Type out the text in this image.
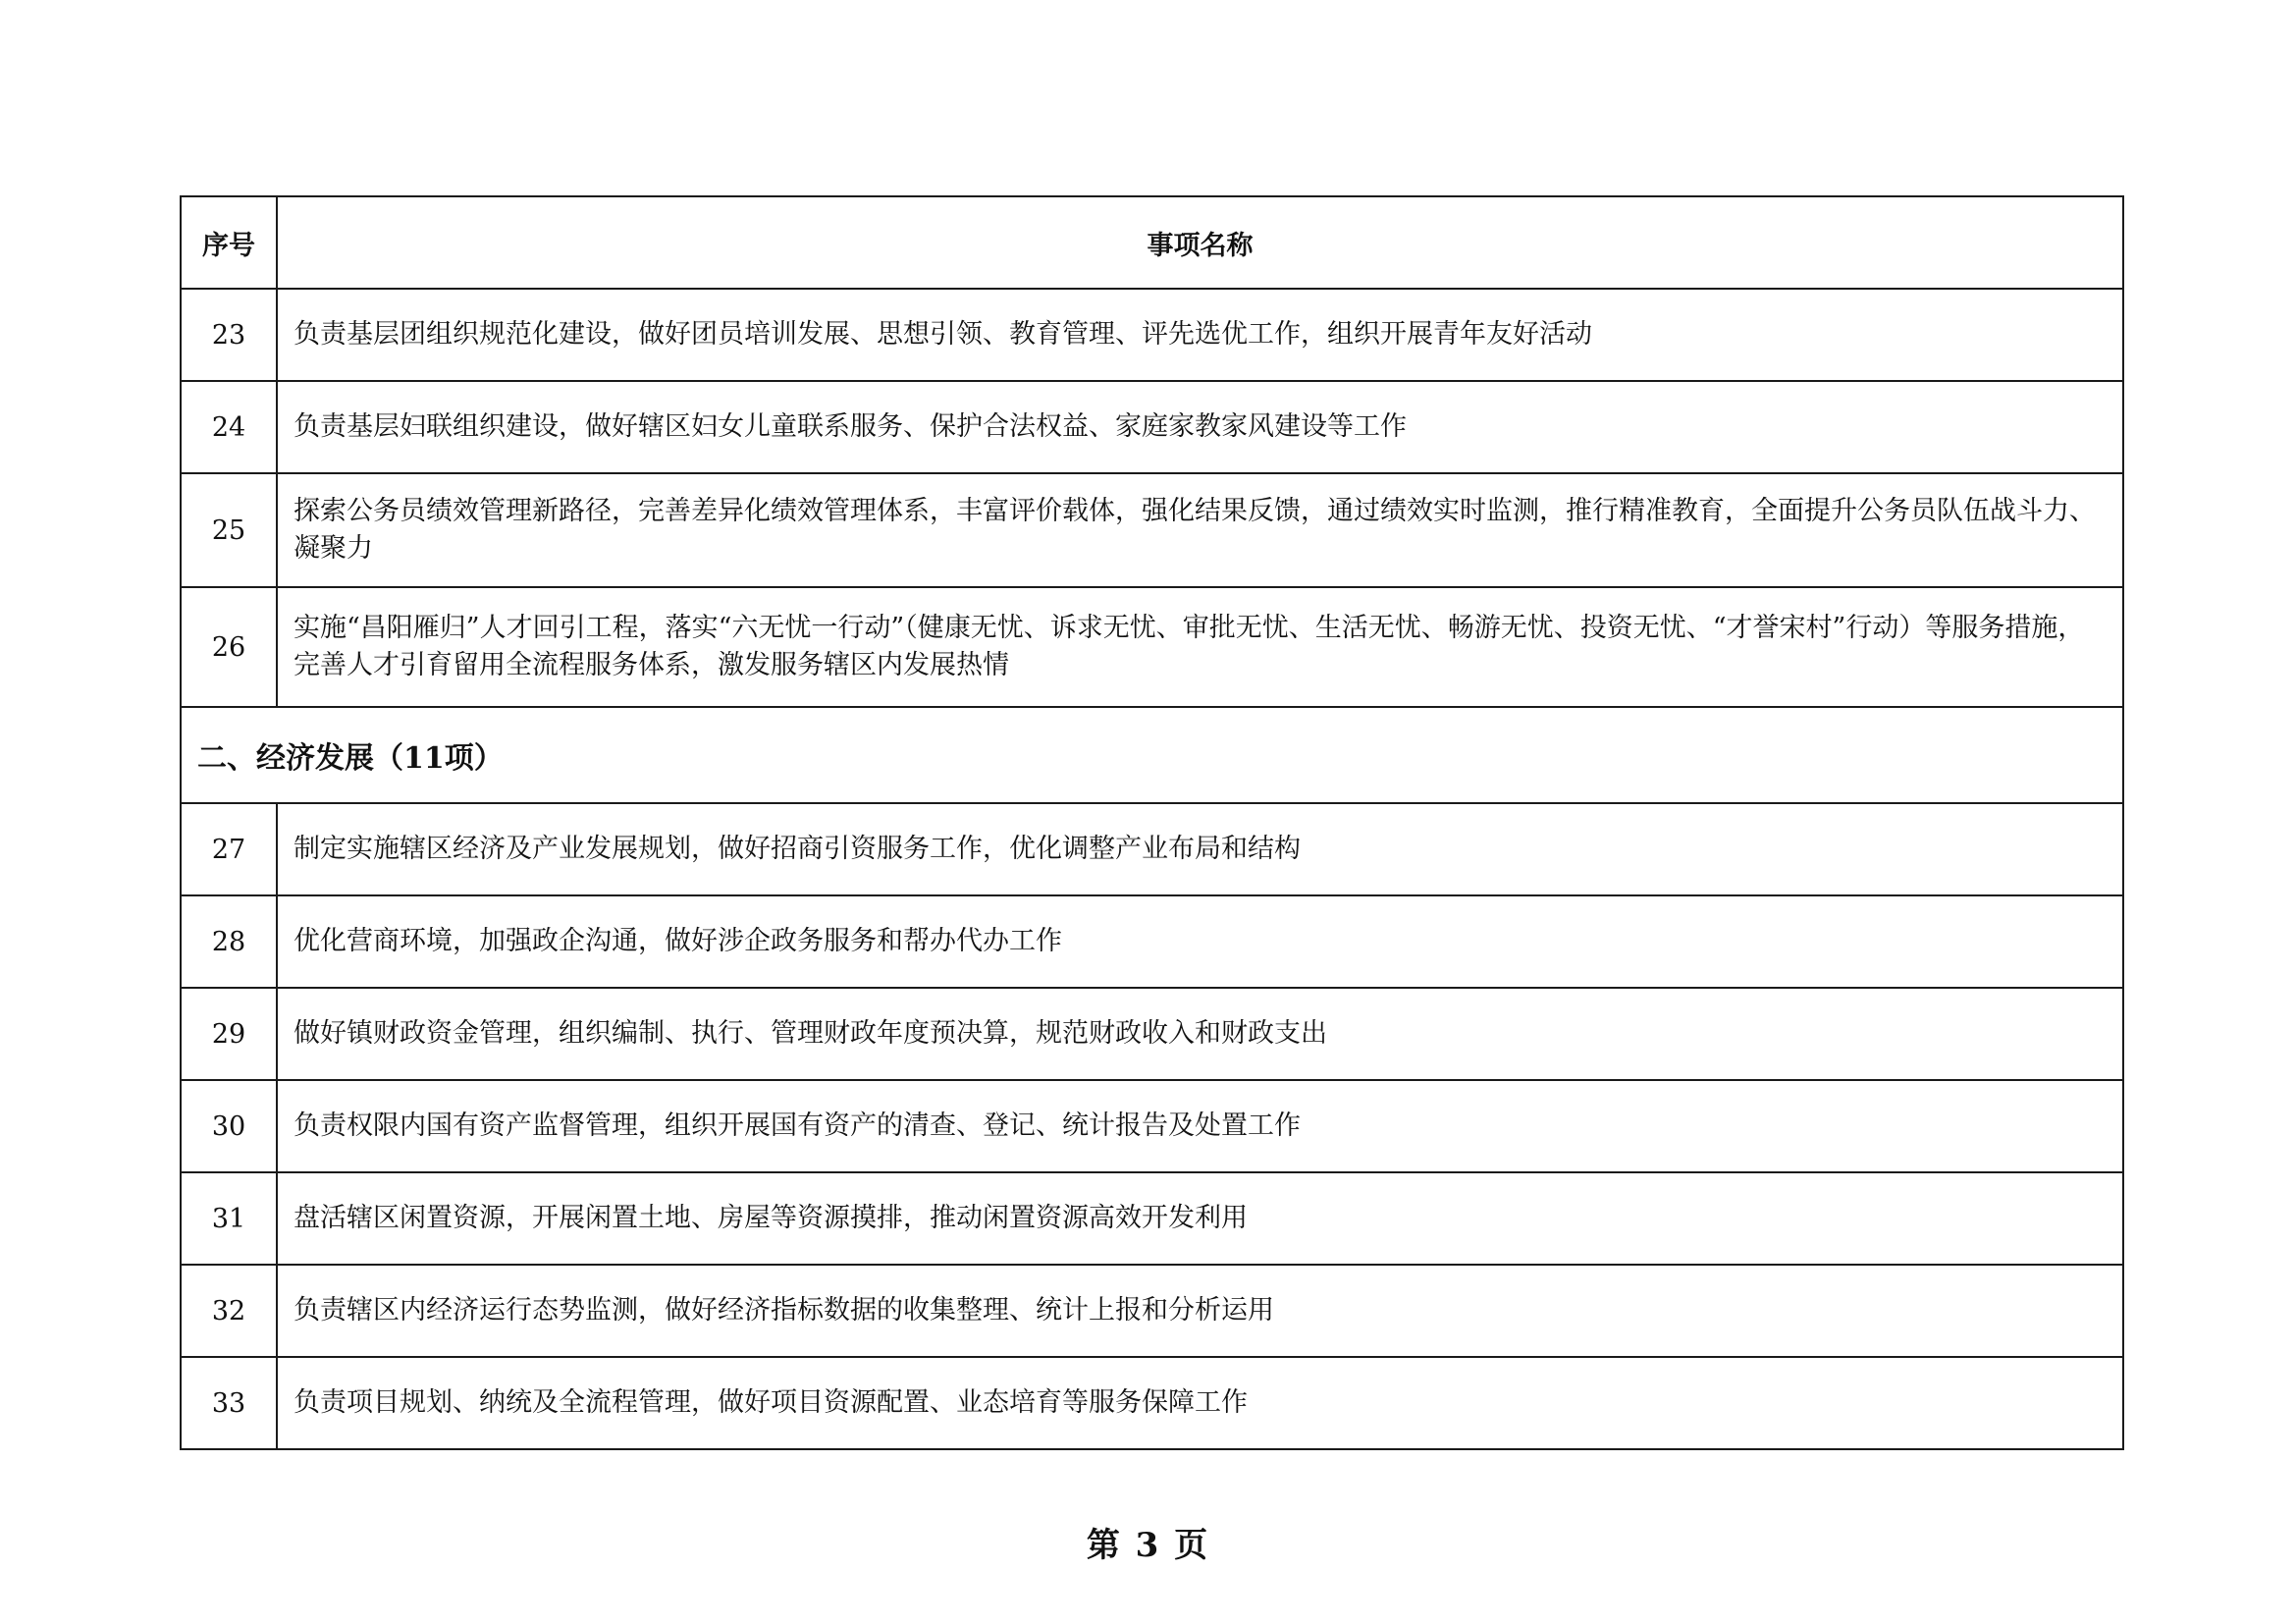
序号	事项名称
23	负责基层团组织规范化建设，做好团员培训发展、思想引领、教育管理、评先选优工作，组织开展青年友好活动
24	负责基层妇联组织建设，做好辖区妇女儿童联系服务、保护合法权益、家庭家教家风建设等工作
25	探索公务员绩效管理新路径，完善差异化绩效管理体系，丰富评价载体，强化结果反馈，通过绩效实时监测，推行精准教育，全面提升公务员队伍战斗力、凝聚力
26	实施“昌阳雁归”人才回引工程，落实“六无忧一行动”（健康无忧、诉求无忧、审批无忧、生活无忧、畅游无忧、投资无忧、“才誉宋村”行动）等服务措施，完善人才引育留用全流程服务体系，激发服务辖区内发展热情
二、经济发展（11项）	
27	制定实施辖区经济及产业发展规划，做好招商引资服务工作，优化调整产业布局和结构
28	优化营商环境，加强政企沟通，做好涉企政务服务和帮办代办工作
29	做好镇财政资金管理，组织编制、执行、管理财政年度预决算，规范财政收入和财政支出
30	负责权限内国有资产监督管理，组织开展国有资产的清查、登记、统计报告及处置工作
31	盘活辖区闲置资源，开展闲置土地、房屋等资源摸排，推动闲置资源高效开发利用
32	负责辖区内经济运行态势监测，做好经济指标数据的收集整理、统计上报和分析运用
33	负责项目规划、纳统及全流程管理，做好项目资源配置、业态培育等服务保障工作
第 3 页
